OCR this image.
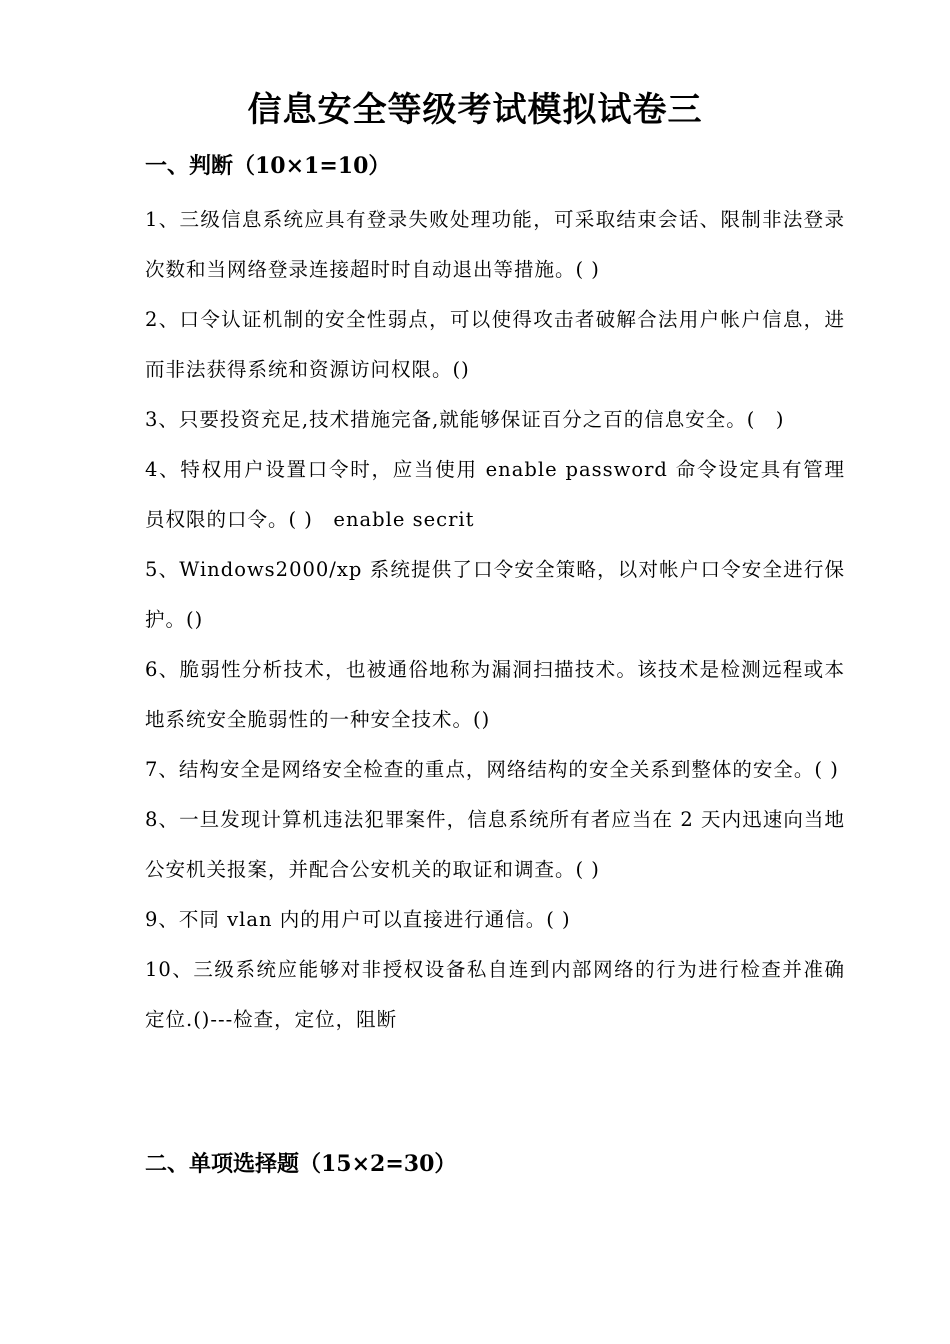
信息安全等级考试模拟试卷三
一、判断（10×1=10）

1、三级信息系统应具有登录失败处理功能，可采取结束会话、限制非法登录次数和当网络登录连接超时时自动退出等措施。( )

2、口令认证机制的安全性弱点，可以使得攻击者破解合法用户帐户信息，进而非法获得系统和资源访问权限。()

3、只要投资充足,技术措施完备,就能够保证百分之百的信息安全。(　)

4、特权用户设置口令时，应当使用 enable password 命令设定具有管理员权限的口令。( )　enable secrit

5、Windows2000/xp 系统提供了口令安全策略，以对帐户口令安全进行保护。()

6、脆弱性分析技术，也被通俗地称为漏洞扫描技术。该技术是检测远程或本地系统安全脆弱性的一种安全技术。()

7、结构安全是网络安全检查的重点，网络结构的安全关系到整体的安全。( )

8、一旦发现计算机违法犯罪案件，信息系统所有者应当在 2 天内迅速向当地公安机关报案，并配合公安机关的取证和调查。( )

9、不同 vlan 内的用户可以直接进行通信。( )

10、三级系统应能够对非授权设备私自连到内部网络的行为进行检查并准确定位.()---检查，定位，阻断

二、单项选择题（15×2=30）
